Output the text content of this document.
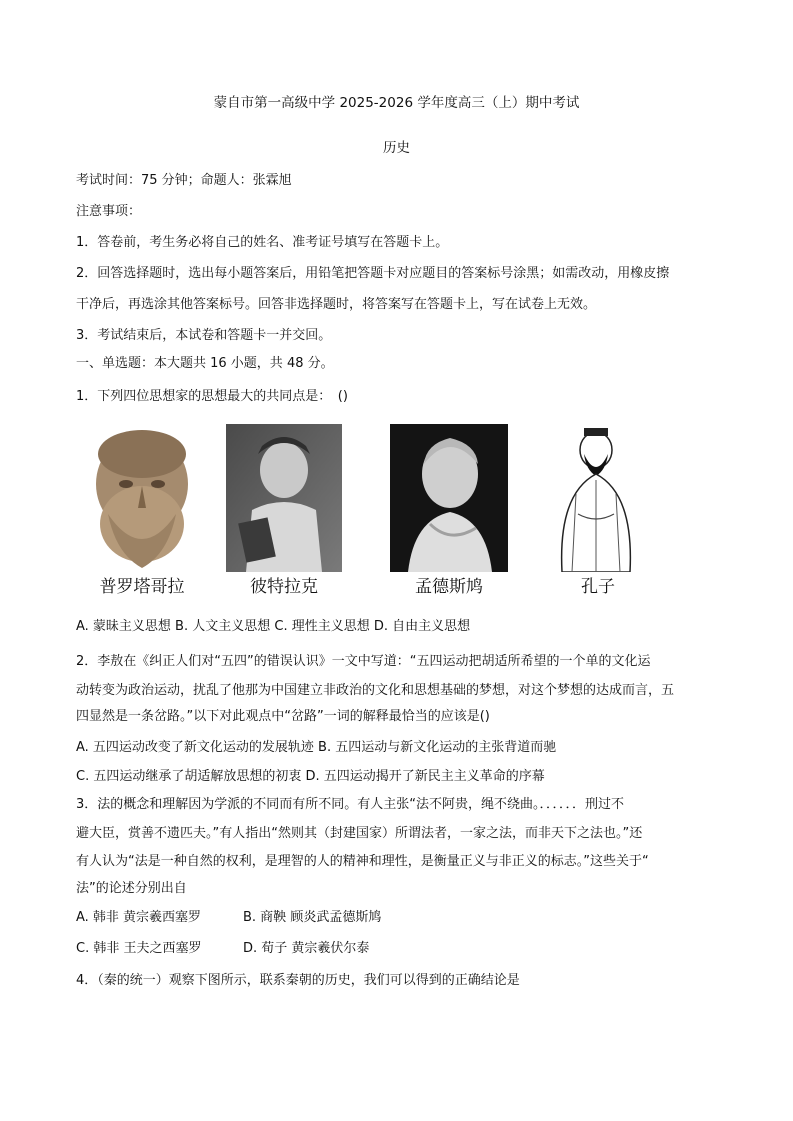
蒙自市第一高级中学 2025-2026 学年度高三（上）期中考试
历史
考试时间：75 分钟；命题人：张霖旭
注意事项：
1．答卷前，考生务必将自己的姓名、准考证号填写在答题卡上。
2．回答选择题时，选出每小题答案后，用铅笔把答题卡对应题目的答案标号涂黑；如需改动，用橡皮擦
干净后，再选涂其他答案标号。回答非选择题时，将答案写在答题卡上，写在试卷上无效。
3．考试结束后，本试卷和答题卡一并交回。
一、单选题：本大题共 16 小题，共 48 分。
1．下列四位思想家的思想最大的共同点是：　()
普罗塔哥拉	彼特拉克	孟德斯鸠	孔子
A. 蒙昧主义思想 B. 人文主义思想 C. 理性主义思想 D. 自由主义思想
2．李敖在《纠正人们对“五四”的错误认识》一文中写道：“五四运动把胡适所希望的一个单的文化运
动转变为政治运动，扰乱了他那为中国建立非政治的文化和思想基础的梦想，对这个梦想的达成而言，五
四显然是一条岔路。”以下对此观点中“岔路”一词的解释最恰当的应该是()
A. 五四运动改变了新文化运动的发展轨迹 B. 五四运动与新文化运动的主张背道而驰
C. 五四运动继承了胡适解放思想的初衷 D. 五四运动揭开了新民主主义革命的序幕
3．法的概念和理解因为学派的不同而有所不同。有人主张“法不阿贵，绳不绕曲。．．．．．．刑过不
避大臣，赏善不遗匹夫。”有人指出“然则其（封建国家）所谓法者，一家之法，而非天下之法也。”还
有人认为“法是一种自然的权利，是理智的人的精神和理性，是衡量正义与非正义的标志。”这些关于“
法”的论述分别出自
A. 韩非 黄宗羲西塞罗	B. 商鞅 顾炎武孟德斯鸠
C. 韩非 王夫之西塞罗	D. 荀子 黄宗羲伏尔泰
4．（秦的统一）观察下图所示，联系秦朝的历史，我们可以得到的正确结论是
